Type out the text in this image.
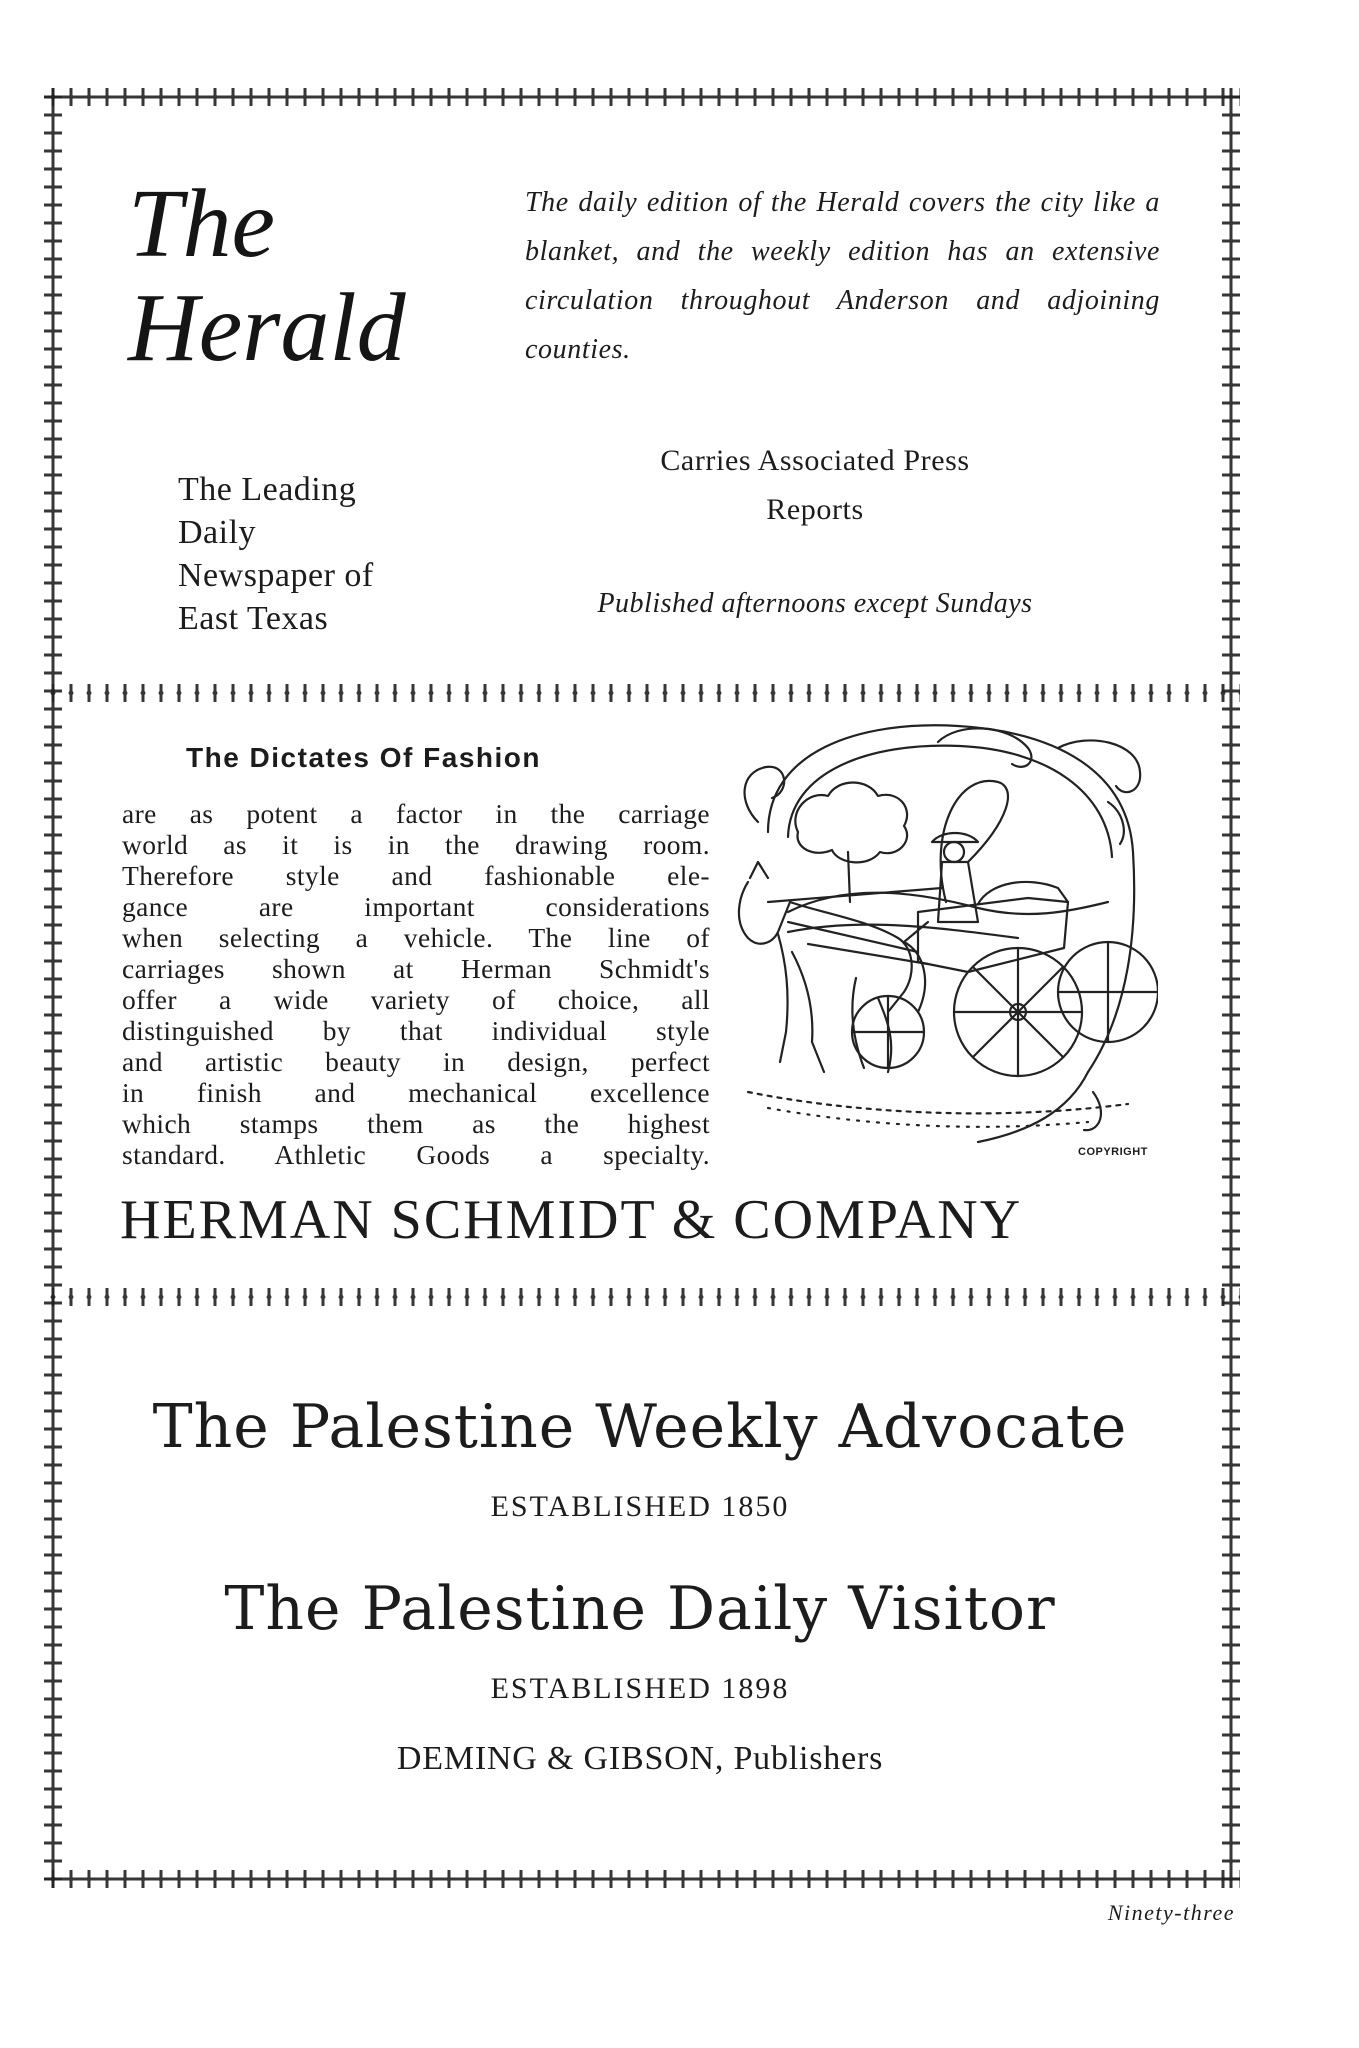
The
Herald
The daily edition of the Herald covers the city like a blanket, and the weekly edition has an extensive circulation throughout Anderson and adjoining counties.
The Leading
Daily
Newspaper of
East Texas
Carries Associated Press
Reports
Published afternoons except Sundays
The Dictates Of Fashion
are as potent a factor in the carriage
world as it is in the drawing room.
Therefore style and fashionable ele-
gance are important considerations
when selecting a vehicle. The line of
carriages shown at Herman Schmidt's
offer a wide variety of choice, all
distinguished by that individual style
and artistic beauty in design, perfect
in finish and mechanical excellence
which stamps them as the highest
standard. Athletic Goods a specialty.	COPYRIGHT
HERMAN SCHMIDT & COMPANY
The Palestine Weekly Advocate
ESTABLISHED 1850
The Palestine Daily Visitor
ESTABLISHED 1898
DEMING & GIBSON, Publishers
Ninety-three
